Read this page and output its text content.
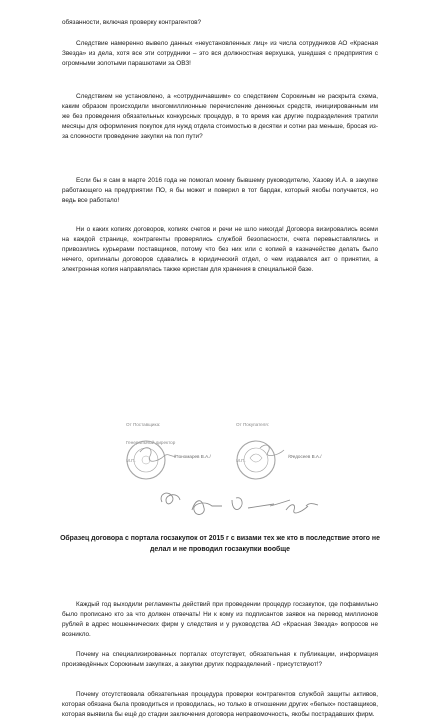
обязанности, включая проверку контрагентов?

Следствие намеренно вывело данных «неустановленных лиц» из числа сотрудников АО «Красная Звезда» из дела, хотя все эти сотрудники – это вся должностная верхушка, ушедшая с предприятия с огромными золотыми парашютами за ОВЗ!

Следствием не установлено, а «сотрудничавшим» со следствием Сорокиным не раскрыта схема, каким образом происходили многомиллионные перечисление денежных средств, инициированным им же без проведения обязательных конкурсных процедур, в то время как другие подразделения тратили месяцы для оформления покупок для нужд отдела стоимостью в десятки и сотни раз меньше, бросая из-за сложности проведение закупки на пол пути?

Если бы я сам в марте 2016 года не помогал моему бывшему руководителю, Хазову И.А. в закупке работающего на предприятии ПО, я бы может и поверил в тот бардак, который якобы получается, но ведь все работало!

Ни о каких копиях договоров, копиях счетов и речи не шло никогда! Договора визировались всеми на каждой странице, контрагенты проверялись службой безопасности, счета перевыставлялись и привозились курьерами поставщиков, потому что без них или с копией в казначействе делать было нечего, оригиналы договоров сдавались в юридический отдел, о чем издавался акт о принятии, а электронная копия направлялась также юристам для хранения в специальной базе.

От Поставщика:
Генеральный директор
/Пономарев В.А./
М.П.
От Покупателя:
/Федосеев В.А./
М.П.

Образец договора с портала госзакупок от 2015 г с визами тех же кто в последствие этого не делал и не проводил госзакупки вообще

Каждый год выходили регламенты действий при проведении процедур госзакупок, где пофамильно было прописано кто за что должен отвечать! Ни к кому из подписантов заявок на перевод миллионов рублей в адрес мошеннических фирм у следствия и у руководства АО «Красная Звезда» вопросов не возникло.

Почему на специализированных порталах отсутствует, обязательная к публикации, информация произведённых Сорокиным закупках, а закупки других подразделений - присутствуют!?

Почему отсутствовала обязательная процедура проверки контрагентов службой защиты активов, которая обязана была проводиться и проводилась, но только в отношении других «белых» поставщиков, которая выявила бы ещё до стадии заключения договора неправомочность, якобы пострадавших фирм.
